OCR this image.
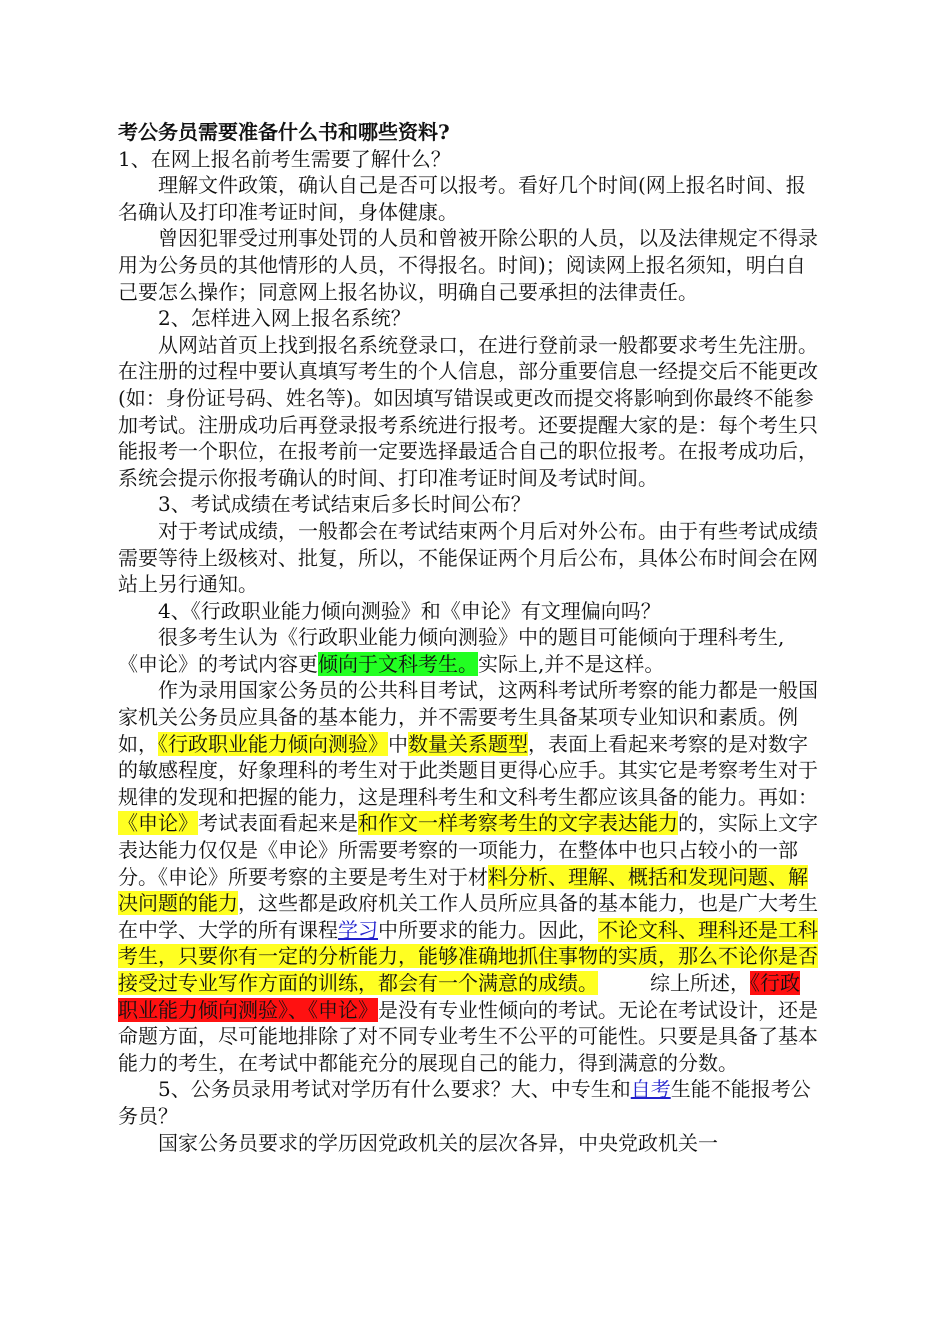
考公务员需要准备什么书和哪些资料?

1、在网上报名前考生需要了解什么？

理解文件政策，确认自己是否可以报考。看好几个时间(网上报名时间、报名确认及打印准考证时间，身体健康。

曾因犯罪受过刑事处罚的人员和曾被开除公职的人员，以及法律规定不得录用为公务员的其他情形的人员，不得报名。时间)；阅读网上报名须知，明白自己要怎么操作；同意网上报名协议，明确自己要承担的法律责任。

2、怎样进入网上报名系统？

从网站首页上找到报名系统登录口，在进行登前录一般都要求考生先注册。在注册的过程中要认真填写考生的个人信息，部分重要信息一经提交后不能更改(如：身份证号码、姓名等)。如因填写错误或更改而提交将影响到你最终不能参加考试。注册成功后再登录报考系统进行报考。还要提醒大家的是：每个考生只能报考一个职位，在报考前一定要选择最适合自己的职位报考。在报考成功后，系统会提示你报考确认的时间、打印准考证时间及考试时间。

3、考试成绩在考试结束后多长时间公布？

对于考试成绩，一般都会在考试结束两个月后对外公布。由于有些考试成绩需要等待上级核对、批复，所以，不能保证两个月后公布，具体公布时间会在网站上另行通知。

4、《行政职业能力倾向测验》和《申论》有文理偏向吗？

很多考生认为《行政职业能力倾向测验》中的题目可能倾向于理科考生,《申论》的考试内容更倾向于文科考生。实际上,并不是这样。

作为录用国家公务员的公共科目考试，这两科考试所考察的能力都是一般国家机关公务员应具备的基本能力，并不需要考生具备某项专业知识和素质。例如，《行政职业能力倾向测验》中数量关系题型，表面上看起来考察的是对数字的敏感程度，好象理科的考生对于此类题目更得心应手。其实它是考察考生对于规律的发现和把握的能力，这是理科考生和文科考生都应该具备的能力。再如：《申论》考试表面看起来是和作文一样考察考生的文字表达能力的，实际上文字表达能力仅仅是《申论》所需要考察的一项能力，在整体中也只占较小的一部分。《申论》所要考察的主要是考生对于材料分析、理解、概括和发现问题、解决问题的能力，这些都是政府机关工作人员所应具备的基本能力，也是广大考生在中学、大学的所有课程学习中所要求的能力。因此，不论文科、理科还是工科考生，只要你有一定的分析能力，能够准确地抓住事物的实质，那么不论你是否接受过专业写作方面的训练，都会有一个满意的成绩。	综上所述，《行政职业能力倾向测验》、《申论》是没有专业性倾向的考试。无论在考试设计，还是命题方面，尽可能地排除了对不同专业考生不公平的可能性。只要是具备了基本能力的考生，在考试中都能充分的展现自己的能力，得到满意的分数。

5、公务员录用考试对学历有什么要求？大、中专生和自考生能不能报考公务员？

国家公务员要求的学历因党政机关的层次各异，中央党政机关一
